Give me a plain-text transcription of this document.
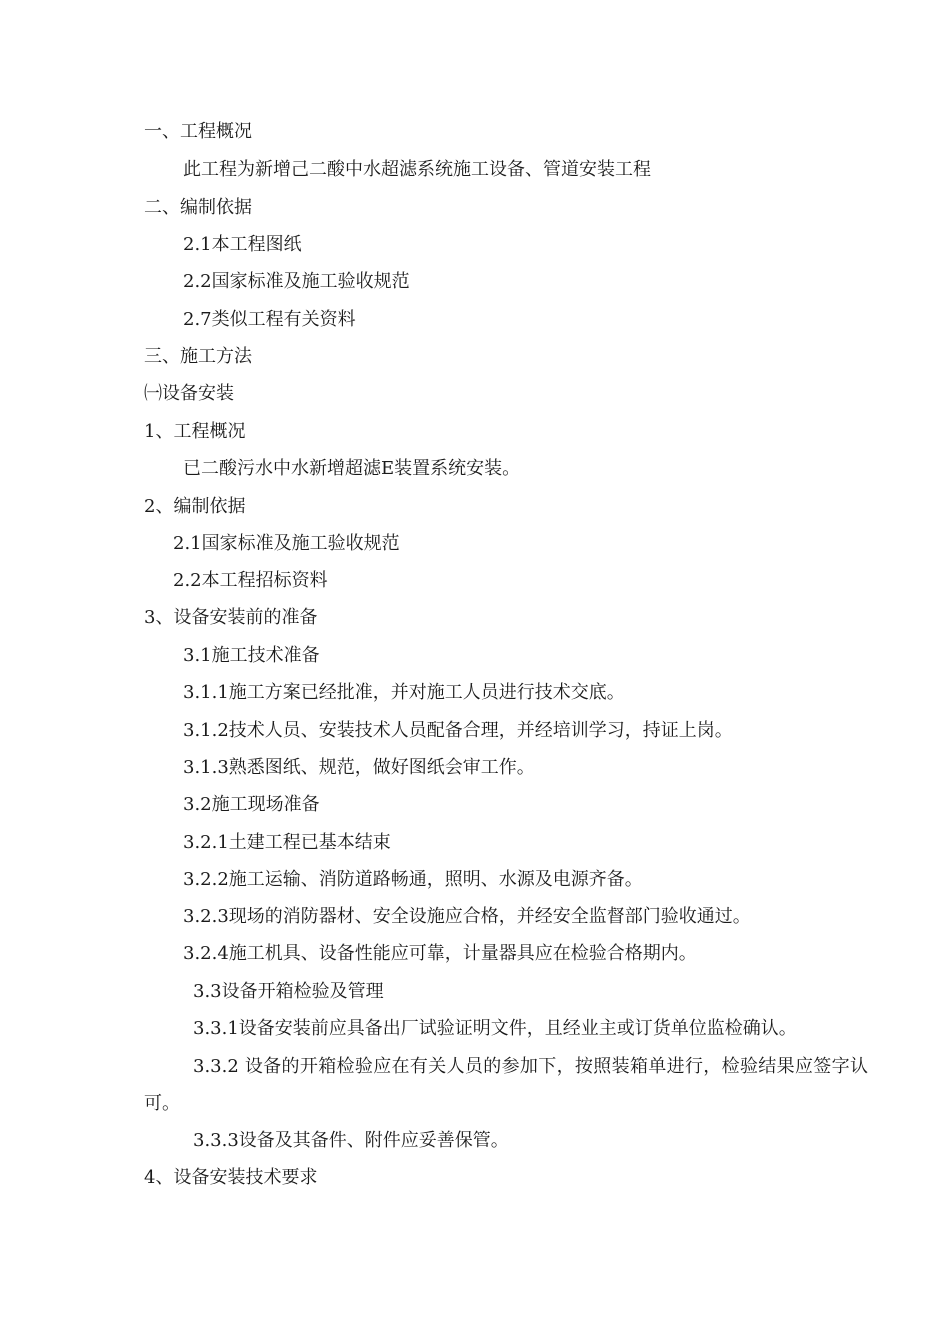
一、工程概况
此工程为新增己二酸中水超滤系统施工设备、管道安装工程
二、编制依据
2.1本工程图纸
2.2国家标准及施工验收规范
2.7类似工程有关资料
三、施工方法
㈠设备安装
1、工程概况
已二酸污水中水新增超滤E装置系统安装。
2、编制依据
2.1国家标准及施工验收规范
2.2本工程招标资料
3、设备安装前的准备
3.1施工技术准备
3.1.1施工方案已经批准，并对施工人员进行技术交底。
3.1.2技术人员、安装技术人员配备合理，并经培训学习，持证上岗。
3.1.3熟悉图纸、规范，做好图纸会审工作。
3.2施工现场准备
3.2.1土建工程已基本结束
3.2.2施工运输、消防道路畅通，照明、水源及电源齐备。
3.2.3现场的消防器材、安全设施应合格，并经安全监督部门验收通过。
3.2.4施工机具、设备性能应可靠，计量器具应在检验合格期内。
3.3设备开箱检验及管理
3.3.1设备安装前应具备出厂试验证明文件，且经业主或订货单位监检确认。
3.3.2 设备的开箱检验应在有关人员的参加下，按照装箱单进行，检验结果应签字认可。
3.3.3设备及其备件、附件应妥善保管。
4、设备安装技术要求
